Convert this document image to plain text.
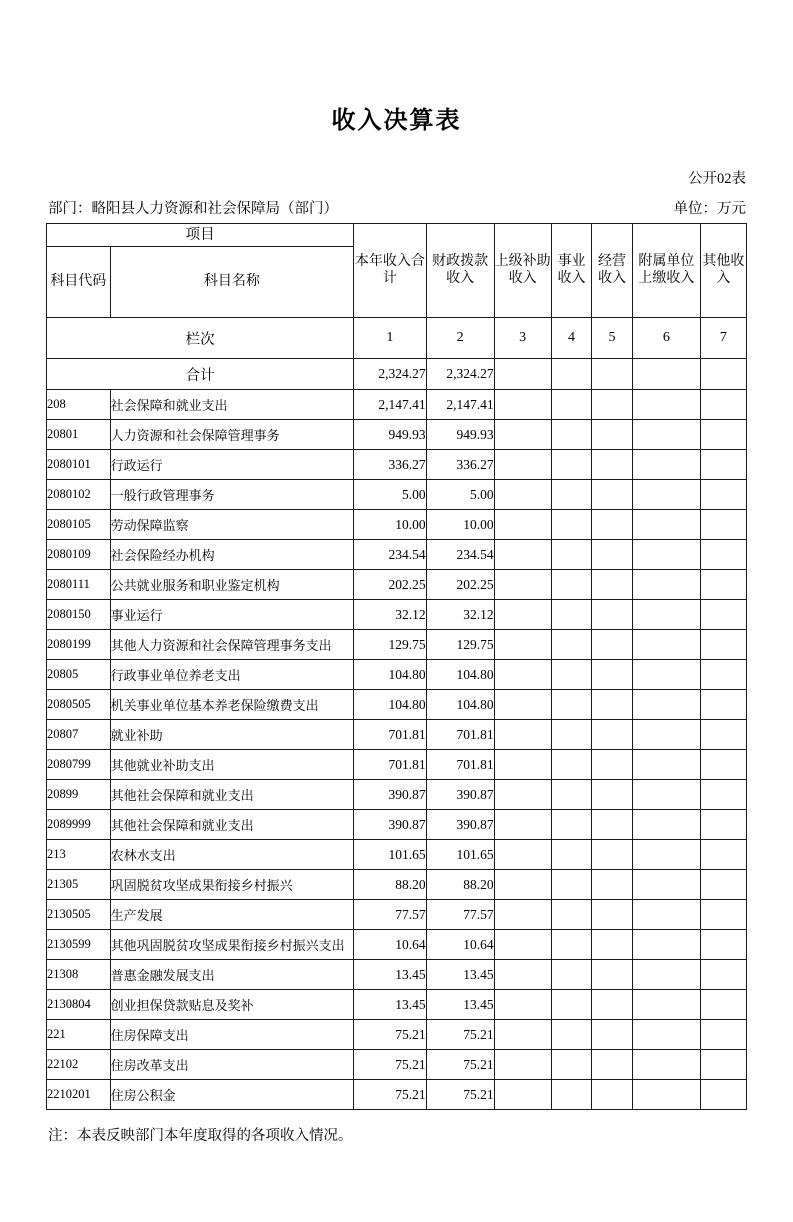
收入决算表
公开02表
部门：略阳县人力资源和社会保障局（部门）	单位：万元
项目		本年收入合计	财政拨款收入	上级补助收入	事业收入	经营收入	附属单位上缴收入	其他收入
科目代码	科目名称							
栏次		1	2	3	4	5	6	7
合计		2,324.27	2,324.27					
208	社会保障和就业支出	2,147.41	2,147.41					
20801	人力资源和社会保障管理事务	949.93	949.93					
2080101	行政运行	336.27	336.27					
2080102	一般行政管理事务	5.00	5.00					
2080105	劳动保障监察	10.00	10.00					
2080109	社会保险经办机构	234.54	234.54					
2080111	公共就业服务和职业鉴定机构	202.25	202.25					
2080150	事业运行	32.12	32.12					
2080199	其他人力资源和社会保障管理事务支出	129.75	129.75					
20805	行政事业单位养老支出	104.80	104.80					
2080505	机关事业单位基本养老保险缴费支出	104.80	104.80					
20807	就业补助	701.81	701.81					
2080799	其他就业补助支出	701.81	701.81					
20899	其他社会保障和就业支出	390.87	390.87					
2089999	其他社会保障和就业支出	390.87	390.87					
213	农林水支出	101.65	101.65					
21305	巩固脱贫攻坚成果衔接乡村振兴	88.20	88.20					
2130505	生产发展	77.57	77.57					
2130599	其他巩固脱贫攻坚成果衔接乡村振兴支出	10.64	10.64					
21308	普惠金融发展支出	13.45	13.45					
2130804	创业担保贷款贴息及奖补	13.45	13.45					
221	住房保障支出	75.21	75.21					
22102	住房改革支出	75.21	75.21					
2210201	住房公积金	75.21	75.21					
注：本表反映部门本年度取得的各项收入情况。
